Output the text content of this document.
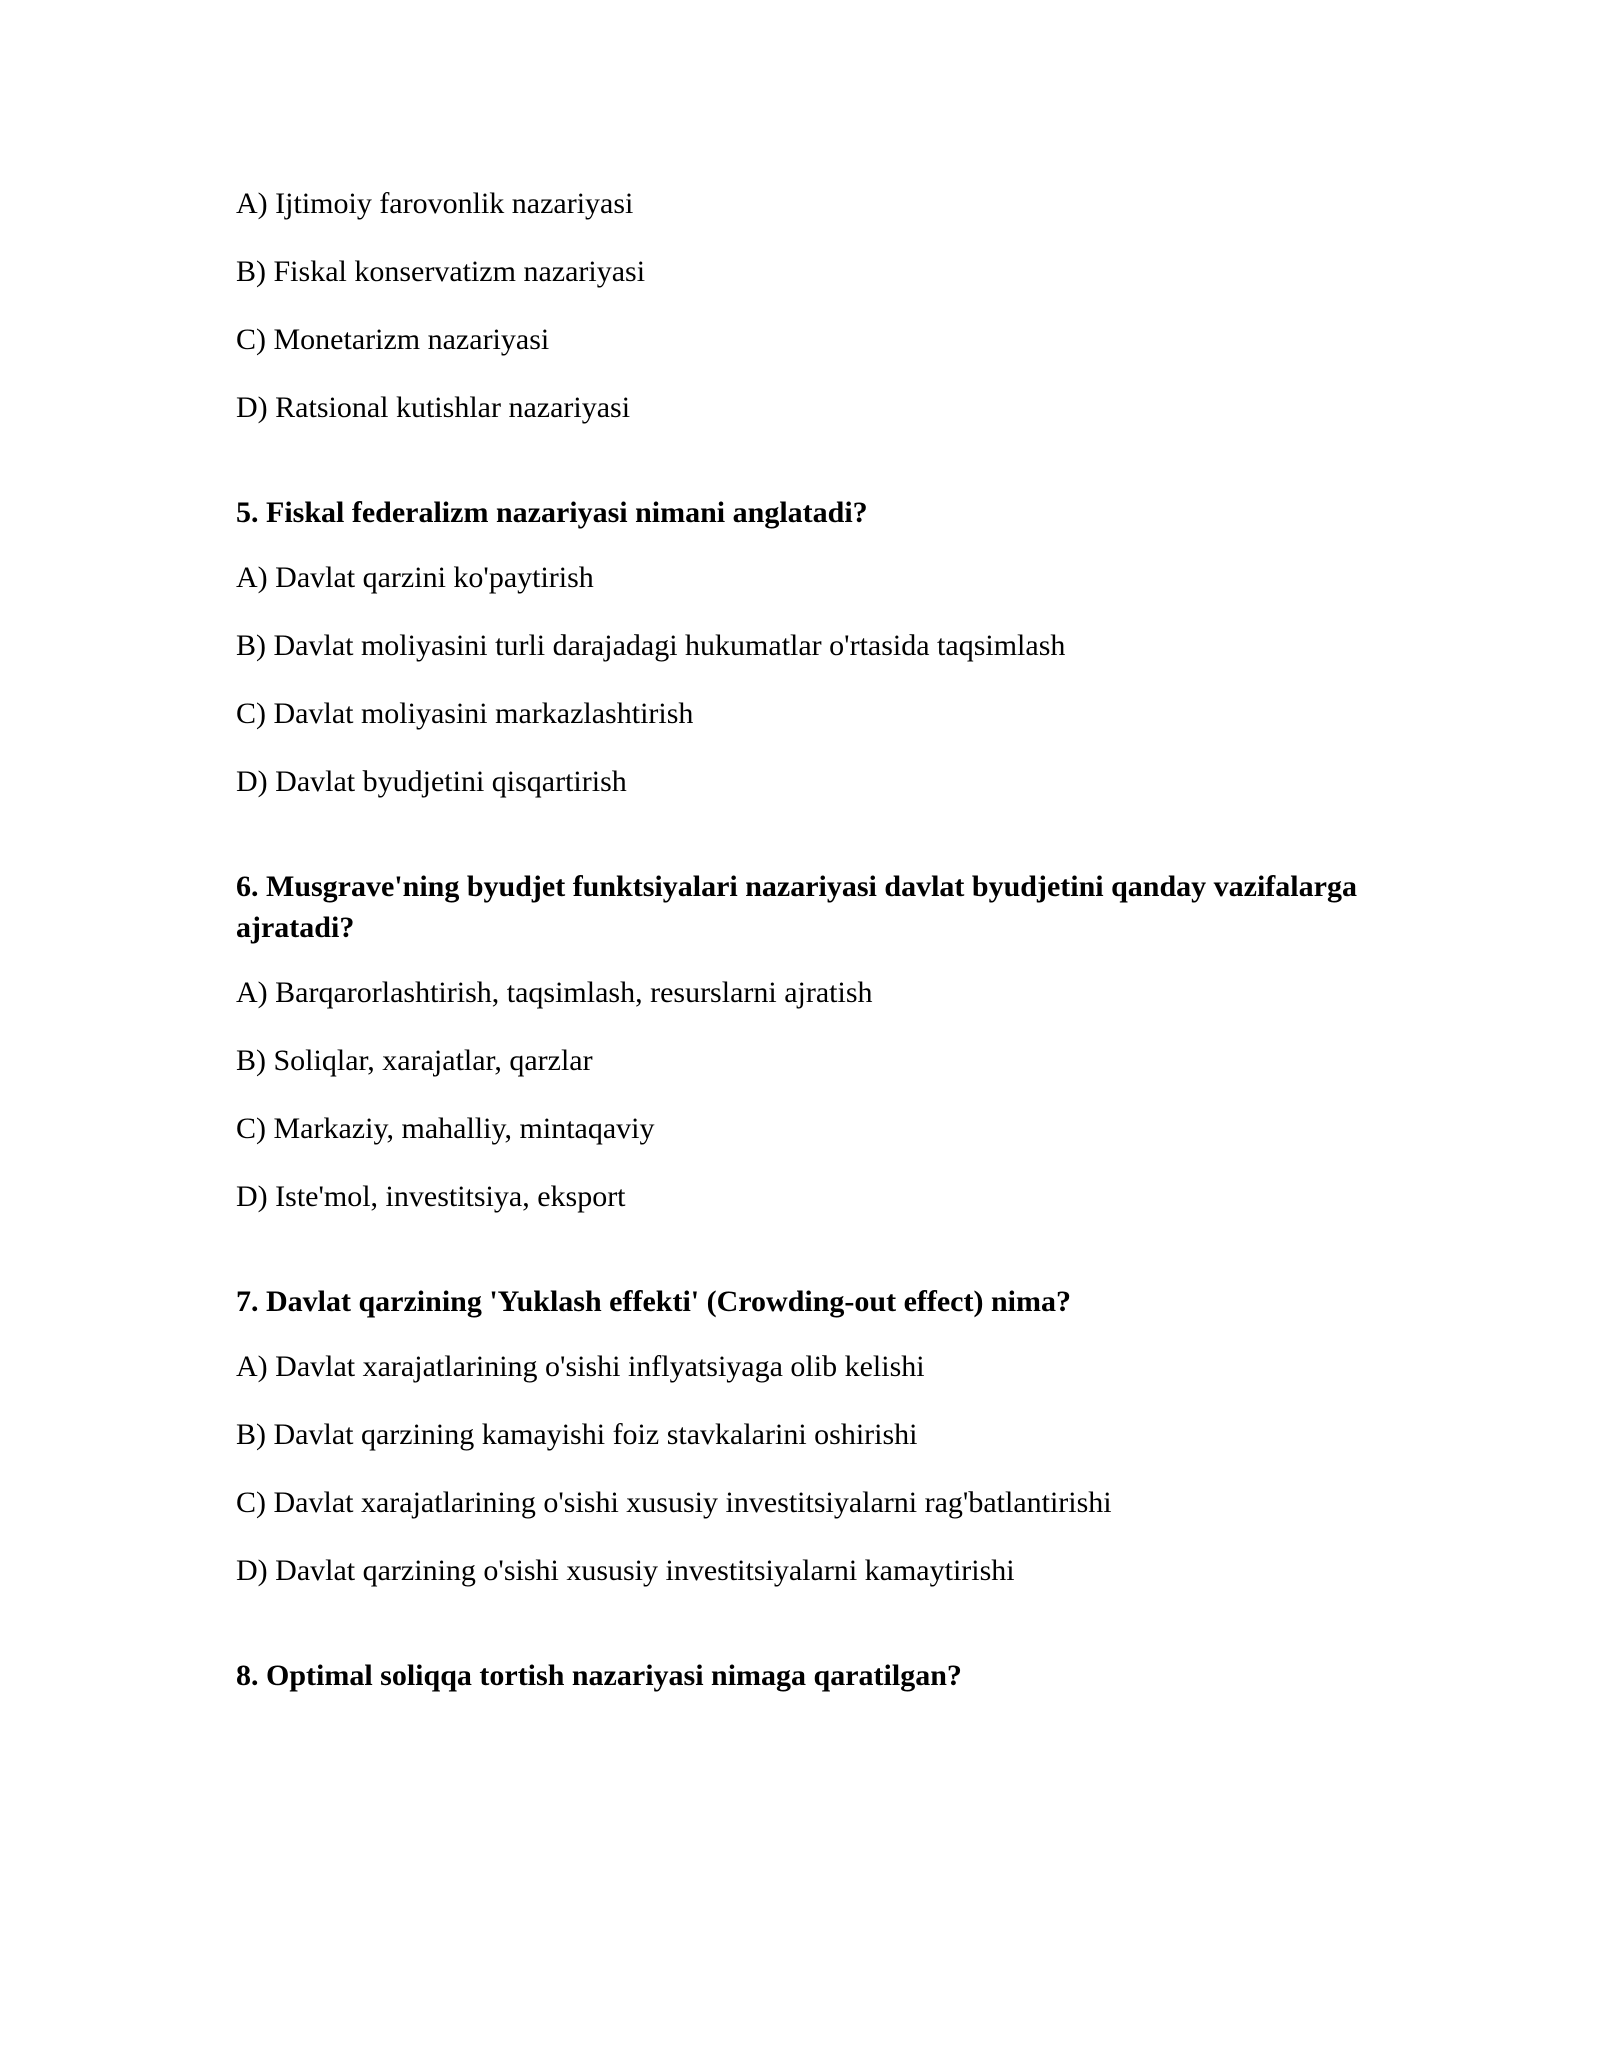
A) Ijtimoiy farovonlik nazariyasi
B) Fiskal konservatizm nazariyasi
C) Monetarizm nazariyasi
D) Ratsional kutishlar nazariyasi
5. Fiskal federalizm nazariyasi nimani anglatadi?
A) Davlat qarzini ko'paytirish
B) Davlat moliyasini turli darajadagi hukumatlar o'rtasida taqsimlash
C) Davlat moliyasini markazlashtirish
D) Davlat byudjetini qisqartirish
6. Musgrave'ning byudjet funktsiyalari nazariyasi davlat byudjetini qanday vazifalarga ajratadi?
A) Barqarorlashtirish, taqsimlash, resurslarni ajratish
B) Soliqlar, xarajatlar, qarzlar
C) Markaziy, mahalliy, mintaqaviy
D) Iste'mol, investitsiya, eksport
7. Davlat qarzining 'Yuklash effekti' (Crowding-out effect) nima?
A) Davlat xarajatlarining o'sishi inflyatsiyaga olib kelishi
B) Davlat qarzining kamayishi foiz stavkalarini oshirishi
C) Davlat xarajatlarining o'sishi xususiy investitsiyalarni rag'batlantirishi
D) Davlat qarzining o'sishi xususiy investitsiyalarni kamaytirishi
8. Optimal soliqqa tortish nazariyasi nimaga qaratilgan?
